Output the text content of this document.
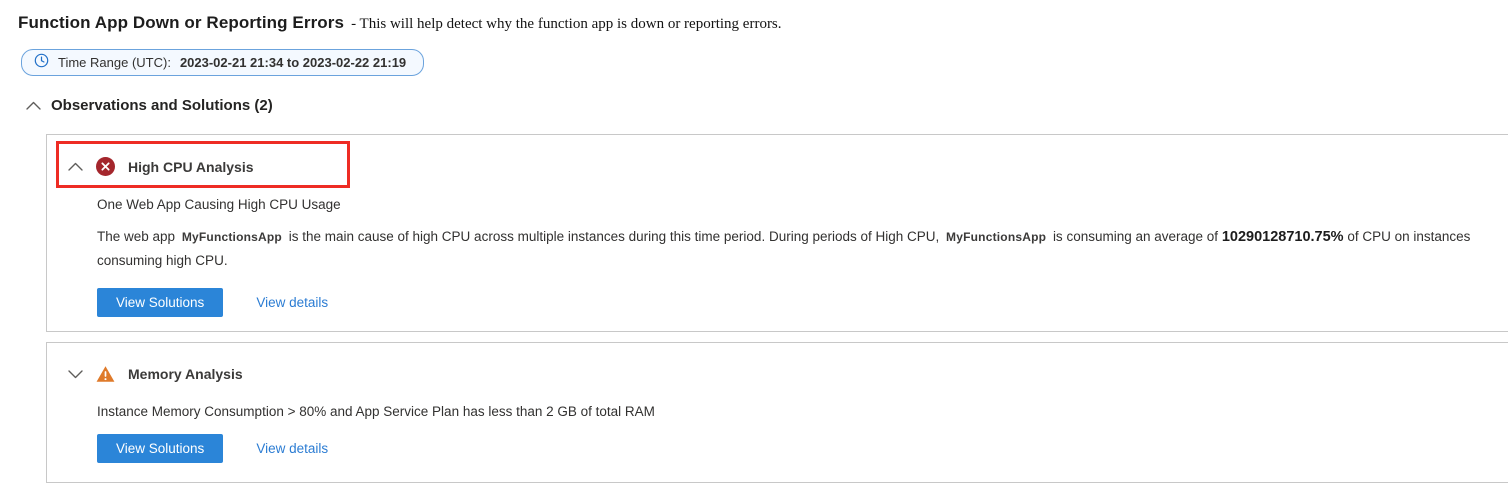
Function App Down or Reporting Errors - This will help detect why the function app is down or reporting errors.
Time Range (UTC): 2023-02-21 21:34 to 2023-02-22 21:19
Observations and Solutions (2)
High CPU Analysis
One Web App Causing High CPU Usage

The web app MyFunctionsApp is the main cause of high CPU across multiple instances during this time period. During periods of High CPU, MyFunctionsApp is consuming an average of 10290128710.75% of CPU on instances consuming high CPU.

View Solutions	View details
Memory Analysis
Instance Memory Consumption > 80% and App Service Plan has less than 2 GB of total RAM
View Solutions	View details
